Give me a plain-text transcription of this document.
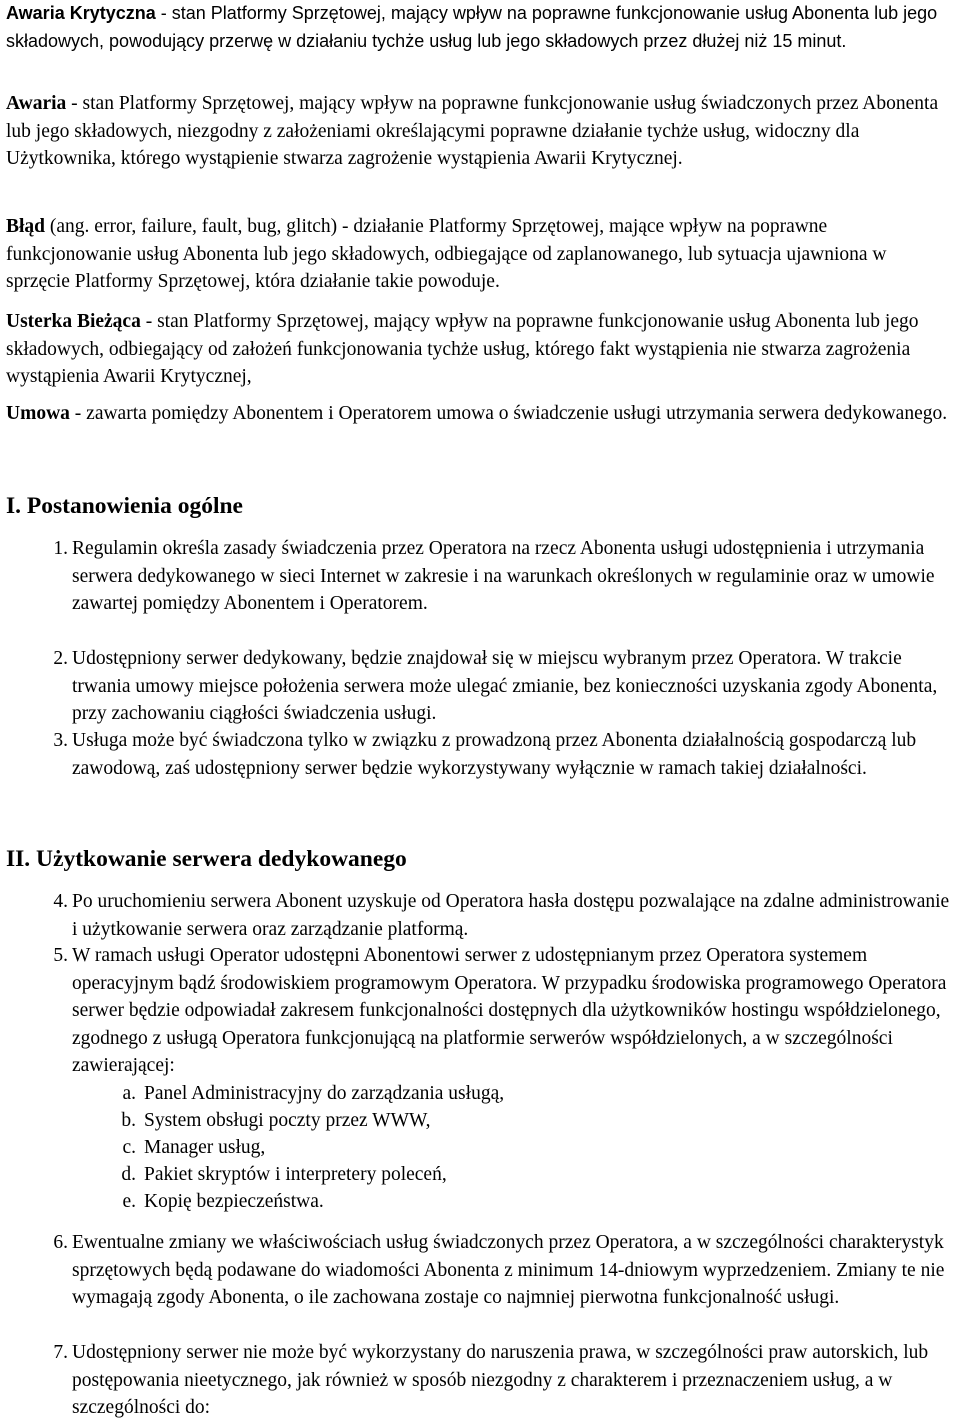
Awaria Krytyczna - stan Platformy Sprzętowej, mający wpływ na poprawne funkcjonowanie usług Abonenta lub jego składowych, powodujący przerwę w działaniu tychże usług lub jego składowych przez dłużej niż 15 minut.

Awaria - stan Platformy Sprzętowej, mający wpływ na poprawne funkcjonowanie usług świadczonych przez Abonenta lub jego składowych, niezgodny z założeniami określającymi poprawne działanie tychże usług, widoczny dla Użytkownika, którego wystąpienie stwarza zagrożenie wystąpienia Awarii Krytycznej.

Błąd (ang. error, failure, fault, bug, glitch) - działanie Platformy Sprzętowej, mające wpływ na poprawne funkcjonowanie usług Abonenta lub jego składowych, odbiegające od zaplanowanego, lub sytuacja ujawniona w sprzęcie Platformy Sprzętowej, która działanie takie powoduje.

Usterka Bieżąca - stan Platformy Sprzętowej, mający wpływ na poprawne funkcjonowanie usług Abonenta lub jego składowych, odbiegający od założeń funkcjonowania tychże usług, którego fakt wystąpienia nie stwarza zagrożenia wystąpienia Awarii Krytycznej,

Umowa - zawarta pomiędzy Abonentem i Operatorem umowa o świadczenie usługi utrzymania serwera dedykowanego.

I. Postanowienia ogólne
1. Regulamin określa zasady świadczenia przez Operatora na rzecz Abonenta usługi udostępnienia i utrzymania serwera dedykowanego w sieci Internet w zakresie i na warunkach określonych w regulaminie oraz w umowie zawartej pomiędzy Abonentem i Operatorem.
2. Udostępniony serwer dedykowany, będzie znajdował się w miejscu wybranym przez Operatora. W trakcie trwania umowy miejsce położenia serwera może ulegać zmianie, bez konieczności uzyskania zgody Abonenta, przy zachowaniu ciągłości świadczenia usługi.
3. Usługa może być świadczona tylko w związku z prowadzoną przez Abonenta działalnością gospodarczą lub zawodową, zaś udostępniony serwer będzie wykorzystywany wyłącznie w ramach takiej działalności.
II. Użytkowanie serwera dedykowanego
4. Po uruchomieniu serwera Abonent uzyskuje od Operatora hasła dostępu pozwalające na zdalne administrowanie i użytkowanie serwera oraz zarządzanie platformą.
5. W ramach usługi Operator udostępni Abonentowi serwer z udostępnianym przez Operatora systemem operacyjnym bądź środowiskiem programowym Operatora. W przypadku środowiska programowego Operatora serwer będzie odpowiadał zakresem funkcjonalności dostępnych dla użytkowników hostingu współdzielonego, zgodnego z usługą Operatora funkcjonującą na platformie serwerów współdzielonych, a w szczególności zawierającej:
a. Panel Administracyjny do zarządzania usługą,
b. System obsługi poczty przez WWW,
c. Manager usług,
d. Pakiet skryptów i interpretery poleceń,
e. Kopię bezpieczeństwa.
6. Ewentualne zmiany we właściwościach usług świadczonych przez Operatora, a w szczególności charakterystyk sprzętowych będą podawane do wiadomości Abonenta z minimum 14-dniowym wyprzedzeniem. Zmiany te nie wymagają zgody Abonenta, o ile zachowana zostaje co najmniej pierwotna funkcjonalność usługi.
7. Udostępniony serwer nie może być wykorzystany do naruszenia prawa, w szczególności praw autorskich, lub postępowania nieetycznego, jak również w sposób niezgodny z charakterem i przeznaczeniem usług, a w szczególności do:
